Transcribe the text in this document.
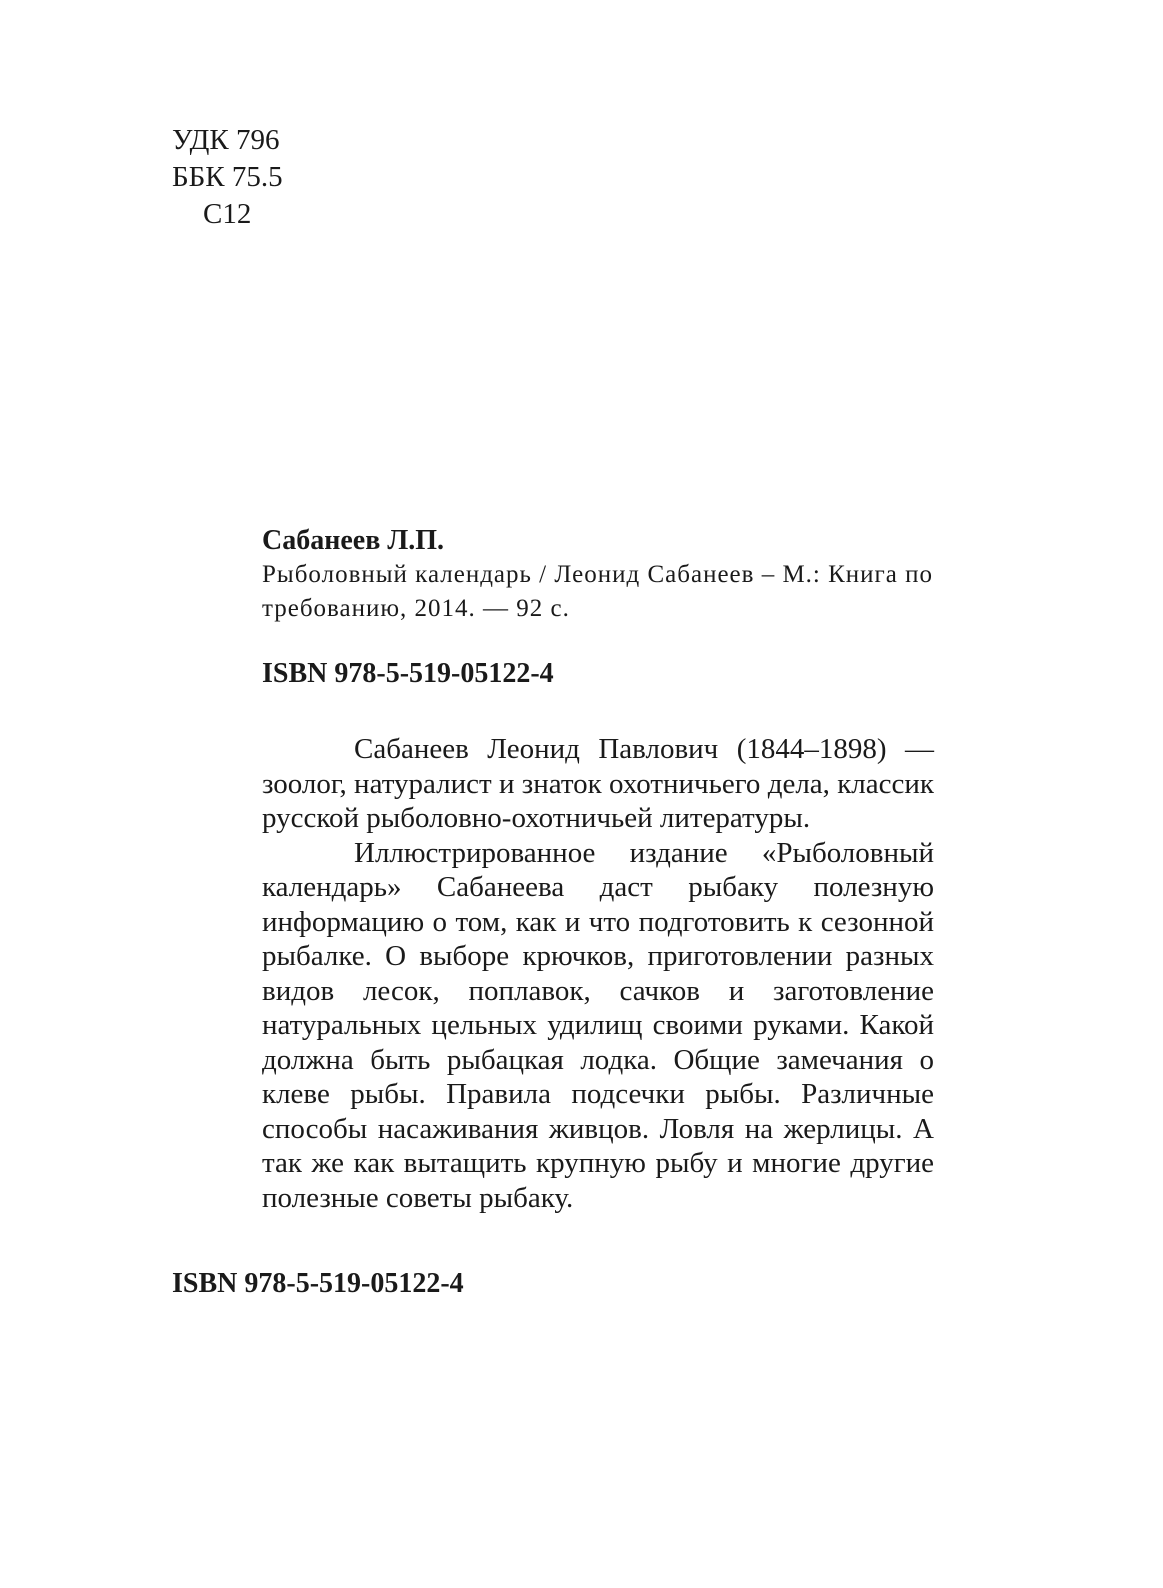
УДК 796
ББК 75.5
С12

Сабанеев Л.П.

Рыболовный календарь / Леонид Сабанеев – М.: Книга по требованию, 2014. — 92 с.

ISBN 978-5-519-05122-4

Сабанеев Леонид Павлович (1844–1898) — зоолог, натуралист и знаток охотничьего дела, классик русской рыболовно-охотничьей литературы.

Иллюстрированное издание «Рыболовный календарь» Сабанеева даст рыбаку полезную информацию о том, как и что подготовить к сезонной рыбалке. О выборе крючков, приготовлении разных видов лесок, поплавок, сачков и заготовление натуральных цельных удилищ своими руками. Какой должна быть рыбацкая лодка. Общие замечания о клеве рыбы. Правила подсечки рыбы. Различные способы насаживания живцов. Ловля на жерлицы. А так же как вытащить крупную рыбу и многие другие полезные советы рыбаку.

ISBN 978-5-519-05122-4
